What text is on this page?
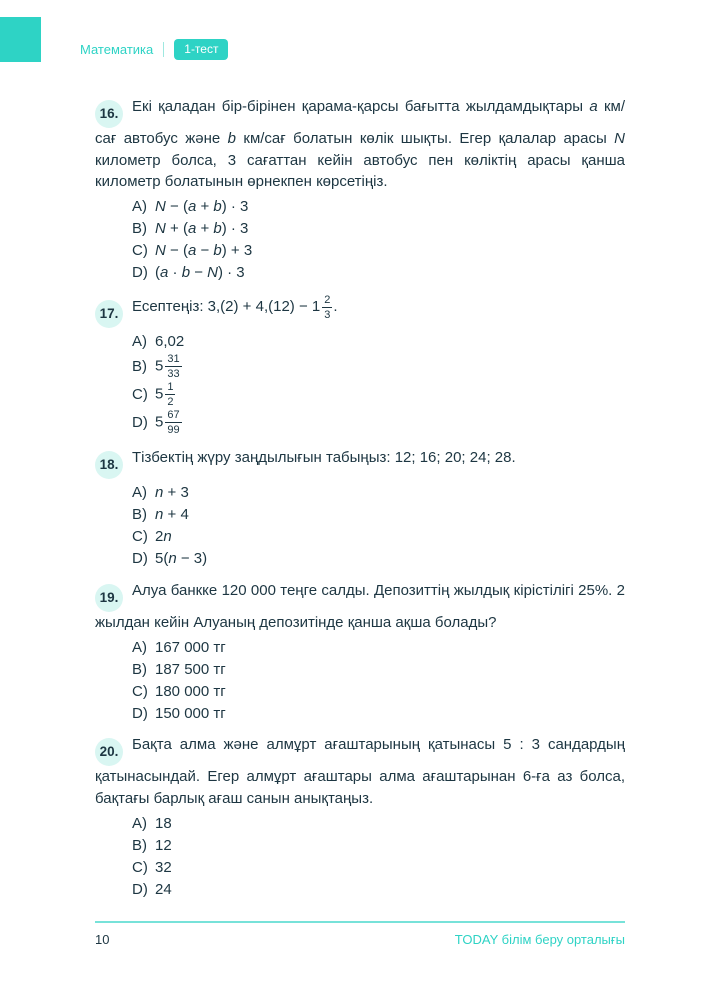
Математика	1-тест

16. Екі қаладан бір-бірінен қарама-қарсы бағытта жылдамдықтары a км/сағ автобус және b км/сағ болатын көлік шықты. Егер қалалар арасы N километр болса, 3 сағаттан кейін автобус пен көліктің арасы қанша километр болатынын өрнекпен көрсетіңіз.

A) N − (a + b) · 3
B) N + (a + b) · 3
C) N − (a − b) + 3
D) (a · b − N) · 3

17. Есептеңіз: $3,(2) + 4,(12) - 1 \frac{2}{3}$ .

A) 6,02
B) $5 \frac{31}{33}$
C) $5 \frac{1}{2}$
D) $5 \frac{67}{99}$

18. Тізбектің жүру заңдылығын табыңыз: 12; 16; 20; 24; 28.

A) n + 3
B) n + 4
C) 2n
D) 5(n − 3)

19. Алуа банкке 120 000 теңге салды. Депозиттің жылдық кірістілігі 25%. 2 жылдан кейін Алуаның депозитінде қанша ақша болады?

A) 167 000 тг
B) 187 500 тг
C) 180 000 тг
D) 150 000 тг

20. Бақта алма және алмұрт ағаштарының қатынасы 5 : 3 сандардың қатынасындай. Егер алмұрт ағаштары алма ағаштарынан 6-ға аз болса, бақтағы барлық ағаш санын анықтаңыз.

A) 18
B) 12
C) 32
D) 24
10	TODAY білім беру орталығы
